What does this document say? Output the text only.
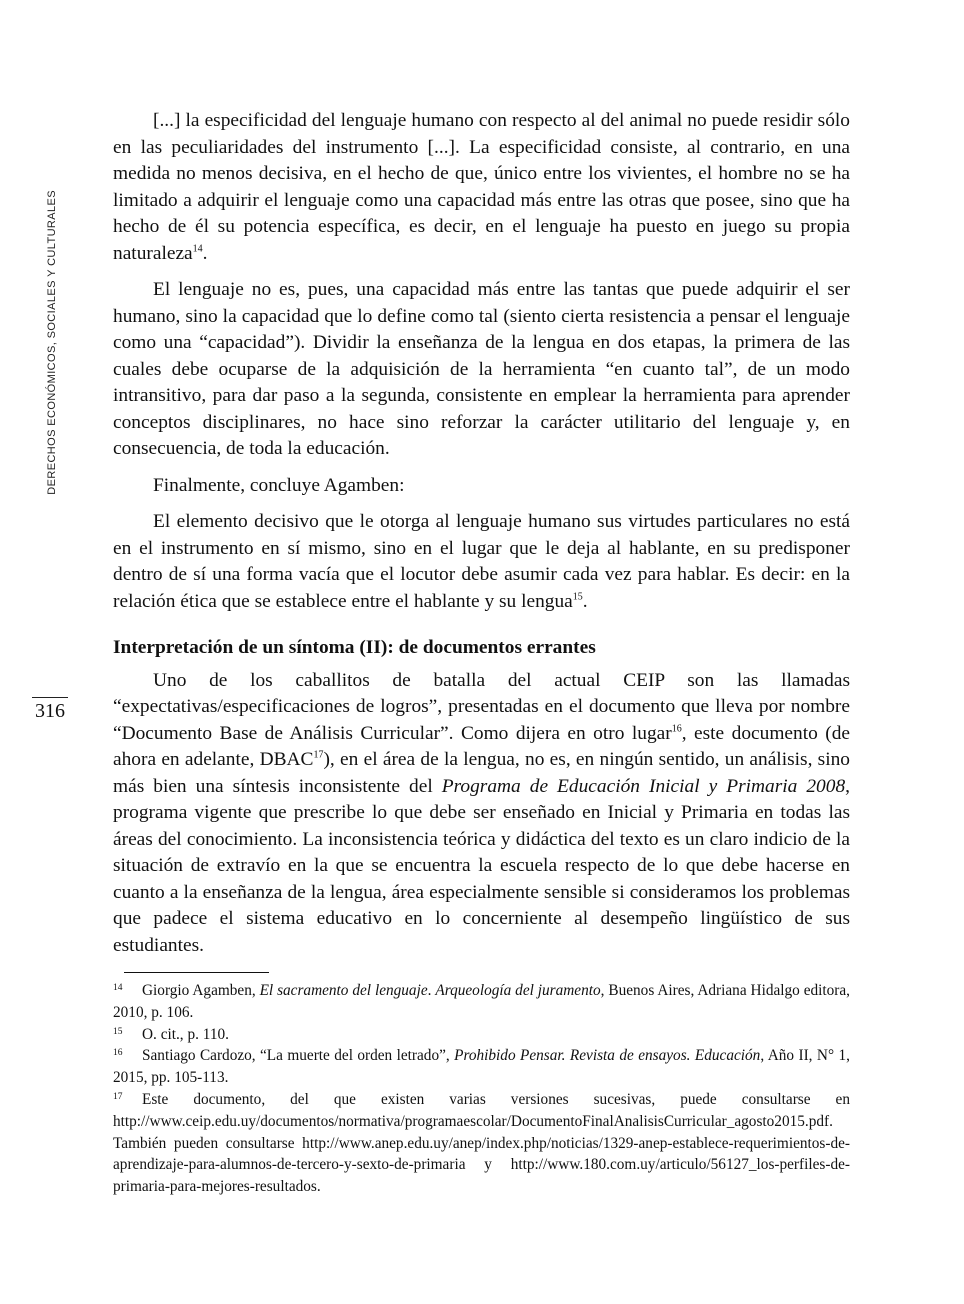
DERECHOS ECONÓMICOS, SOCIALES Y CULTURALES
316

[...] la especificidad del lenguaje humano con respecto al del animal no puede residir sólo en las peculiaridades del instrumento [...]. La especificidad consiste, al contrario, en una medida no menos decisiva, en el hecho de que, único entre los vivientes, el hombre no se ha limitado a adquirir el lenguaje como una capacidad más entre las otras que posee, sino que ha hecho de él su potencia específica, es decir, en el lenguaje ha puesto en juego su propia naturaleza$^{14}$.

El lenguaje no es, pues, una capacidad más entre las tantas que puede adquirir el ser humano, sino la capacidad que lo define como tal (siento cierta resistencia a pensar el lenguaje como una “capacidad”). Dividir la enseñanza de la lengua en dos etapas, la primera de las cuales debe ocuparse de la adquisición de la herramienta “en cuanto tal”, de un modo intransitivo, para dar paso a la segunda, consistente en emplear la herramienta para aprender conceptos disciplinares, no hace sino reforzar la carácter utilitario del lenguaje y, en consecuencia, de toda la educación.

Finalmente, concluye Agamben:

El elemento decisivo que le otorga al lenguaje humano sus virtudes particulares no está en el instrumento en sí mismo, sino en el lugar que le deja al hablante, en su predisponer dentro de sí una forma vacía que el locutor debe asumir cada vez para hablar. Es decir: en la relación ética que se establece entre el hablante y su lengua$^{15}$.

Interpretación de un síntoma (II): de documentos errantes

Uno de los caballitos de batalla del actual CEIP son las llamadas “expectativas/especificaciones de logros”, presentadas en el documento que lleva por nombre “Documento Base de Análisis Curricular”. Como dijera en otro lugar$^{16}$, este documento (de ahora en adelante, DBAC$^{17}$), en el área de la lengua, no es, en ningún sentido, un análisis, sino más bien una síntesis inconsistente del Programa de Educación Inicial y Primaria 2008, programa vigente que prescribe lo que debe ser enseñado en Inicial y Primaria en todas las áreas del conocimiento. La inconsistencia teórica y didáctica del texto es un claro indicio de la situación de extravío en la que se encuentra la escuela respecto de lo que debe hacerse en cuanto a la enseñanza de la lengua, área especialmente sensible si consideramos los problemas que padece el sistema educativo en lo concerniente al desempeño lingüístico de sus estudiantes.

14 Giorgio Agamben, El sacramento del lenguaje. Arqueología del juramento, Buenos Aires, Adriana Hidalgo editora, 2010, p. 106.

15 O. cit., p. 110.

16 Santiago Cardozo, “La muerte del orden letrado”, Prohibido Pensar. Revista de ensayos. Educación, Año II, N° 1, 2015, pp. 105-113.

17 Este documento, del que existen varias versiones sucesivas, puede consultarse en http://www.ceip.edu.uy/documentos/normativa/programaescolar/DocumentoFinalAnalisisCurricular_agosto2015.pdf. También pueden consultarse http://www.anep.edu.uy/anep/index.php/noticias/1329-anep-establece-requerimientos-de-aprendizaje-para-alumnos-de-tercero-y-sexto-de-primaria y http://www.180.com.uy/articulo/56127_los-perfiles-de-primaria-para-mejores-resultados.
